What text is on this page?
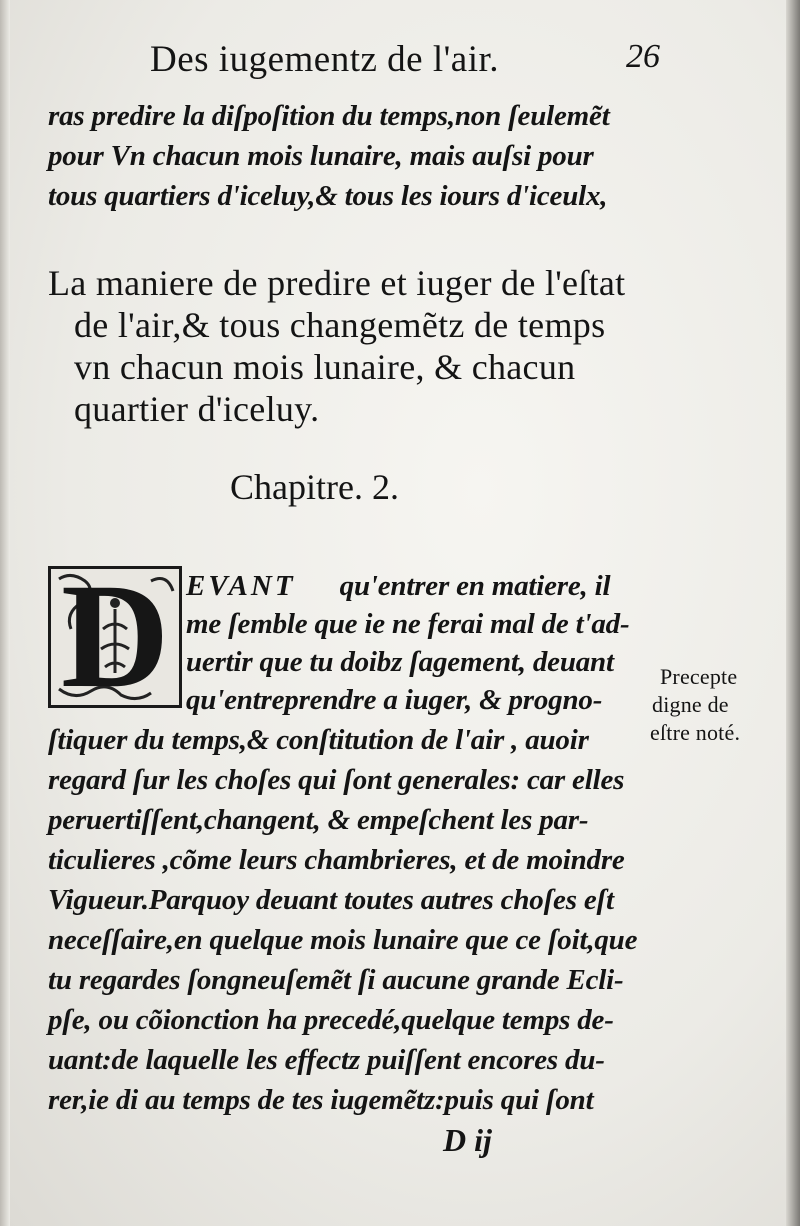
Des iugementz de l'air.	26
ras predire la diſpoſition du temps,non ſeulemẽt
pour Vn chacun mois lunaire, mais auſsi pour
tous quartiers d'iceluy,& tous les iours d'iceulx,
La maniere de predire et iuger de l'eſtat
de l'air,& tous changemẽtz de temps
vn chacun mois lunaire, & chacun
quartier d'iceluy.
Chapitre. 2.
D EVANT qu'entrer en matiere, il
me ſemble que ie ne ferai mal de t'ad-
uertir que tu doibz ſagement, deuant
qu'entreprendre a iuger, & progno-
ſtiquer du temps,& conſtitution de l'air , auoir
regard ſur les choſes qui ſont generales: car elles
peruertiſſent,changent, & empeſchent les par-
ticulieres ,cõme leurs chambrieres, et de moindre
Vigueur.Parquoy deuant toutes autres choſes eſt
neceſſaire,en quelque mois lunaire que ce ſoit,que
tu regardes ſongneuſemẽt ſi aucune grande Ecli-
pſe, ou cõionction ha precedé,quelque temps de-
uant:de laquelle les effectz puiſſent encores du-
rer,ie di au temps de tes iugemẽtz:puis qui ſont
Precepte
digne de
eſtre noté.
D ij
